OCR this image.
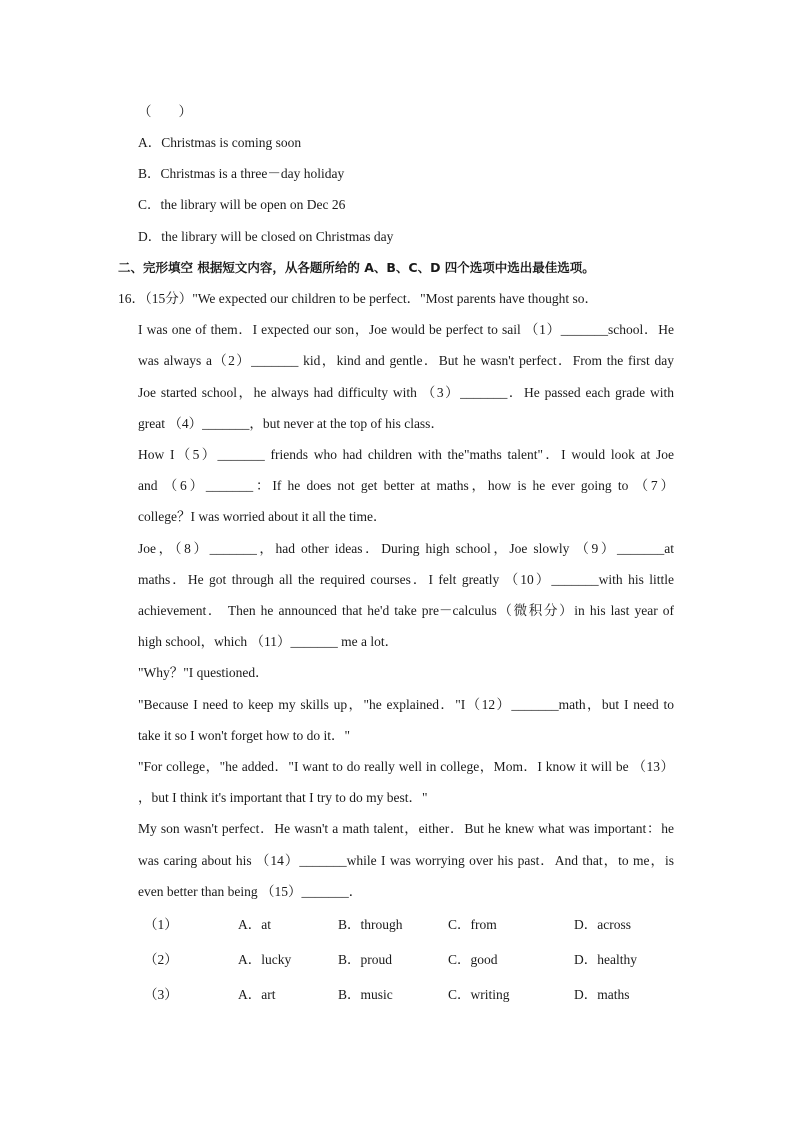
（　　）
A．Christmas is coming soon
B．Christmas is a three－day holiday
C．the library will be open on Dec 26
D．the library will be closed on Christmas day
二、完形填空 根据短文内容，从各题所给的 A、B、C、D 四个选项中选出最佳选项。
16．（15分）"We expected our children to be perfect．"Most parents have thought so．
I was one of them．I expected our son，Joe would be perfect to sail （1）_______school．He
was always a（2）_______ kid，kind and gentle．But he wasn't perfect．From the first day
Joe started school，he always had difficulty with （3）_______．He passed each grade with
great （4）_______，but never at the top of his class．
How I（5）_______ friends who had children with the"maths talent"．I would look at Joe
and （6）_______：If he does not get better at maths，how is he ever going to （7）
college？I was worried about it all the time．
Joe，（8）_______，had other ideas．During high school，Joe slowly （9）_______at
maths．He got through all the required courses．I felt greatly （10）_______with his little
achievement． Then he announced that he'd take pre－calculus（微积分）in his last year of
high school，which （11）_______ me a lot．
"Why？"I questioned．
"Because I need to keep my skills up，"he explained．"I（12）_______math，but I need to
take it so I won't forget how to do it．"
"For college，"he added．"I want to do really well in college，Mom．I know it will be （13）
，but I think it's important that I try to do my best．"
My son wasn't perfect．He wasn't a math talent，either．But he knew what was important：he
was caring about his （14）_______while I was worrying over his past．And that，to me，is
even better than being （15）_______．
（1）	A．at	B．through	C．from	D．across
（2）	A．lucky	B．proud	C．good	D．healthy
（3）	A．art	B．music	C．writing	D．maths
